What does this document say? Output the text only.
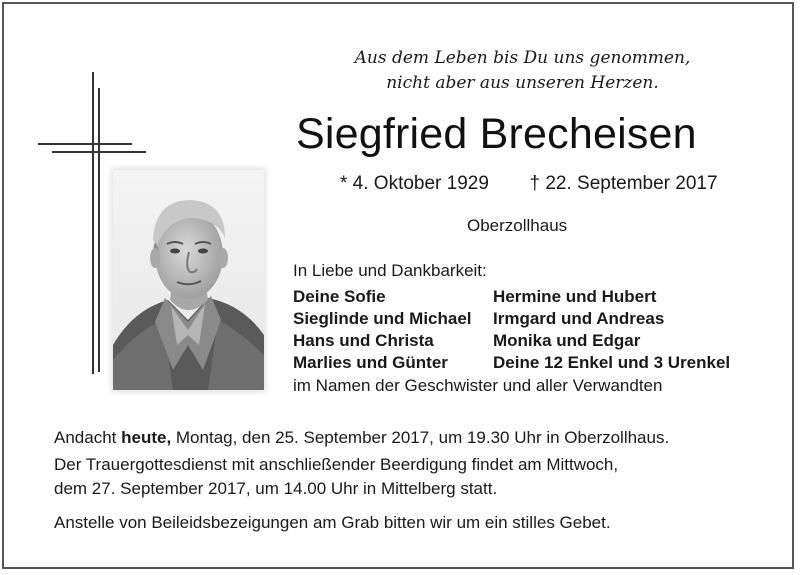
Aus dem Leben bis Du uns genommen,
nicht aber aus unseren Herzen.
Siegfried Brecheisen
* 4. Oktober 1929 † 22. September 2017
Oberzollhaus
In Liebe und Dankbarkeit:
Deine Sofie
Sieglinde und Michael
Hans und Christa
Marlies und Günter
Hermine und Hubert
Irmgard und Andreas
Monika und Edgar
Deine 12 Enkel und 3 Urenkel
im Namen der Geschwister und aller Verwandten
Andacht heute, Montag, den 25. September 2017, um 19.30 Uhr in Oberzollhaus.
Der Trauergottesdienst mit anschließender Beerdigung findet am Mittwoch,
dem 27. September 2017, um 14.00 Uhr in Mittelberg statt.
Anstelle von Beileidsbezeigungen am Grab bitten wir um ein stilles Gebet.
